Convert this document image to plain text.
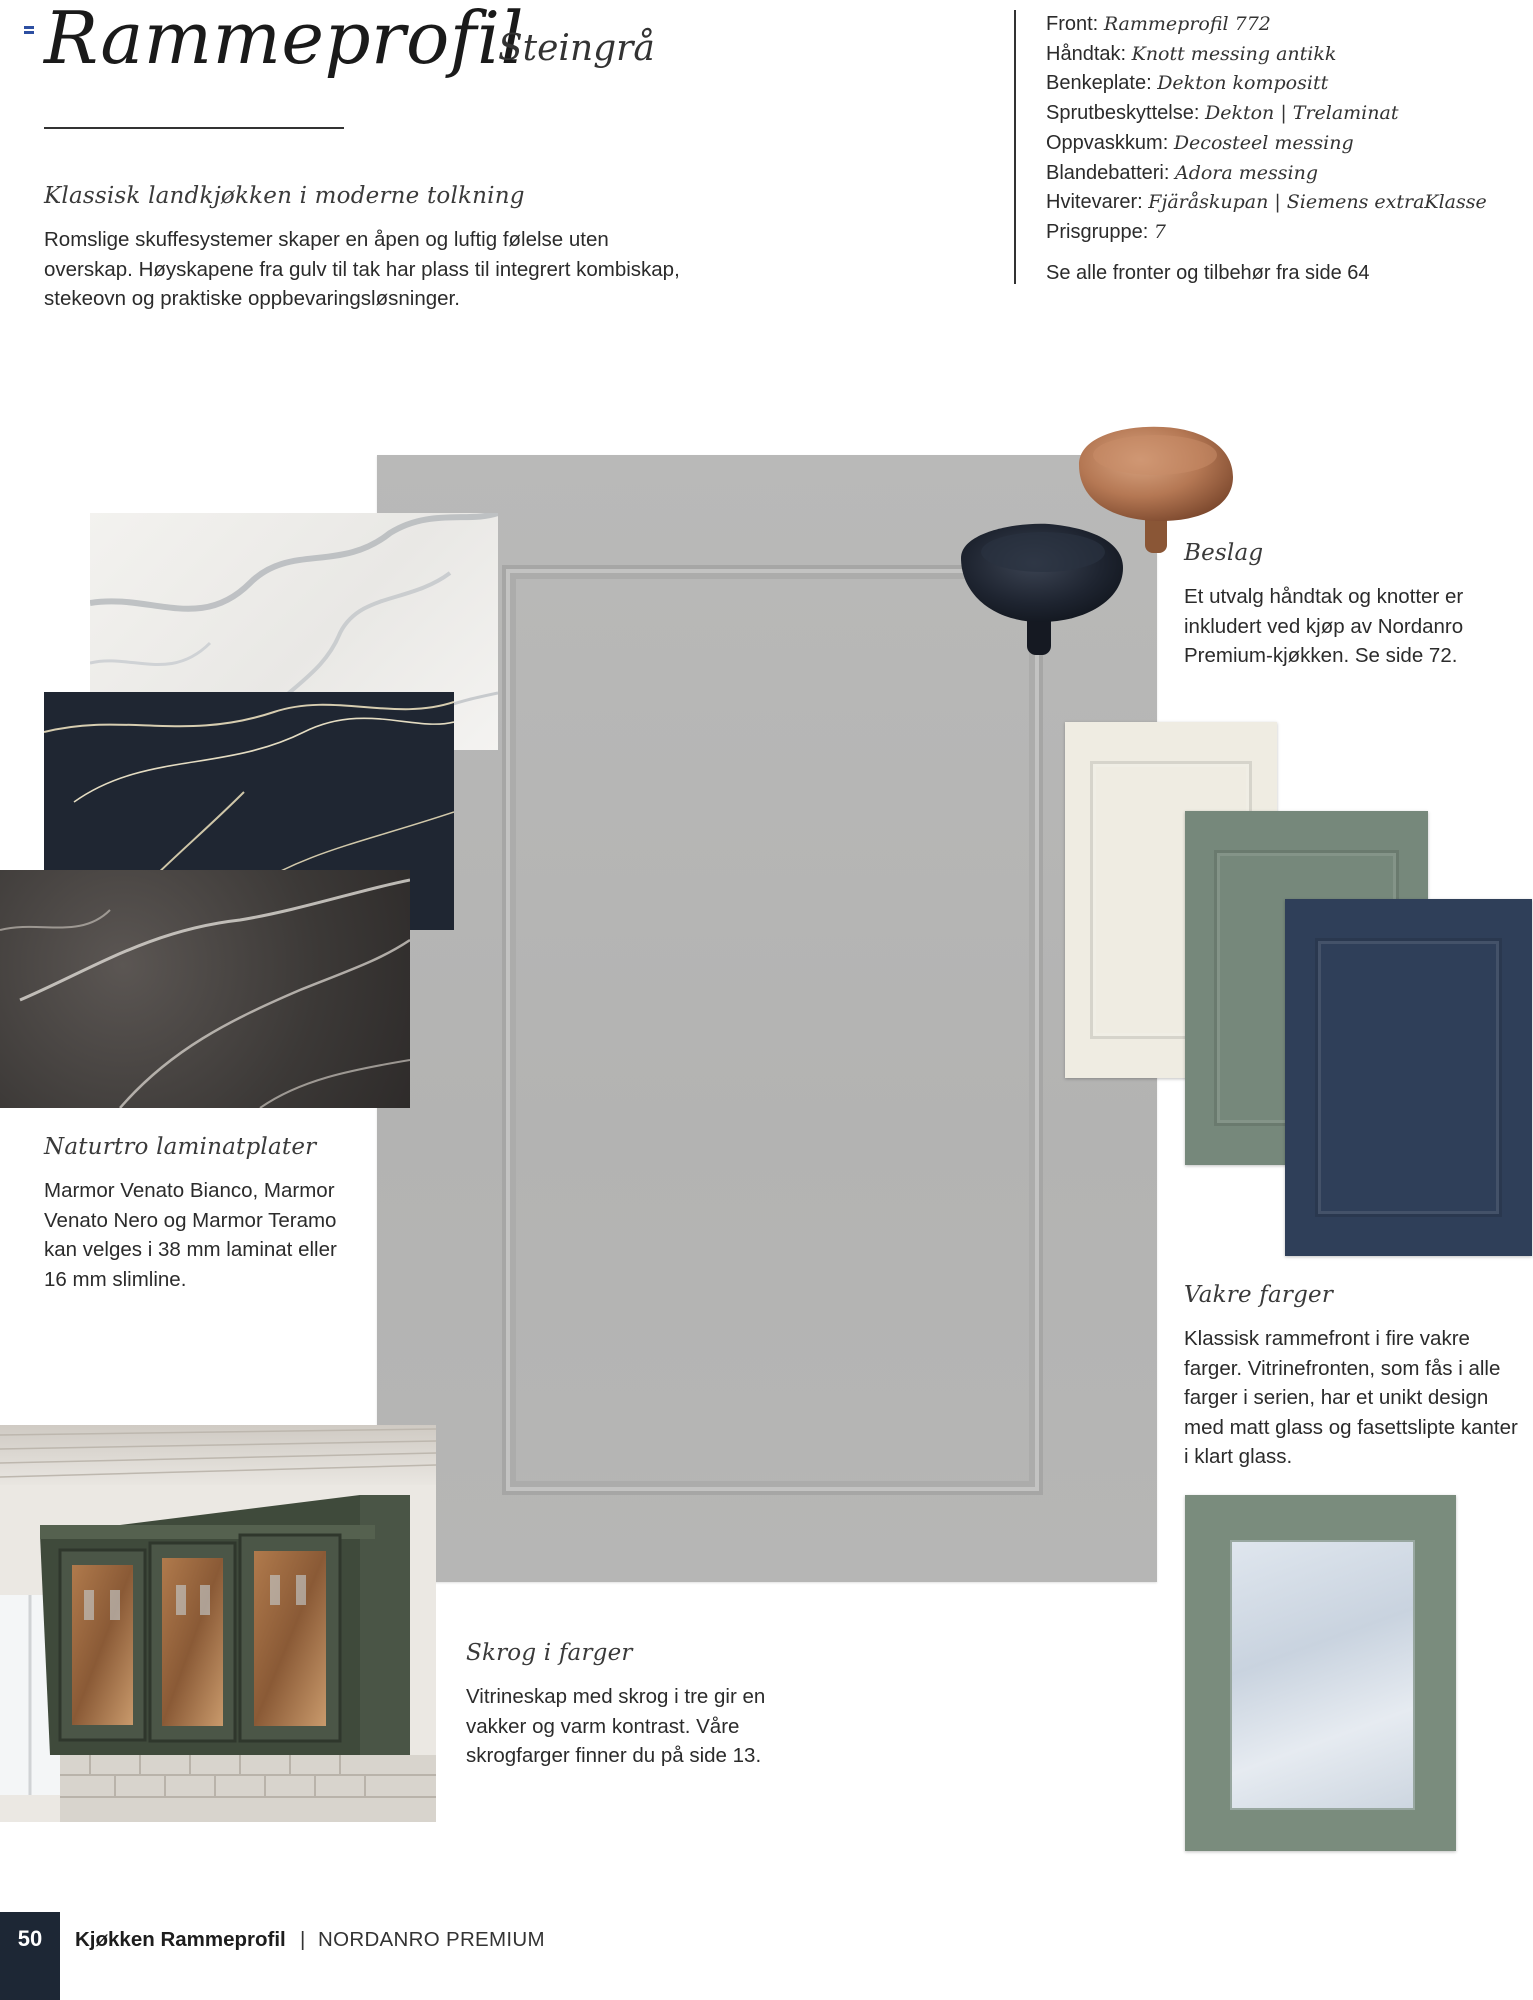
Rammeprofil
Steingrå
Klassisk landkjøkken i moderne tolkning
Romslige skuffesystemer skaper en åpen og luftig følelse uten overskap. Høyskapene fra gulv til tak har plass til integrert kombiskap, stekeovn og praktiske oppbevaringsløsninger.
Front: Rammeprofil 772
Håndtak: Knott messing antikk
Benkeplate: Dekton kompositt
Sprutbeskyttelse: Dekton | Trelaminat
Oppvaskkum: Decosteel messing
Blandebatteri: Adora messing
Hvitevarer: Fjäråskupan | Siemens extraKlasse
Prisgruppe: 7
Se alle fronter og tilbehør fra side 64
Naturtro laminatplater
Marmor Venato Bianco, Marmor Venato Nero og Marmor Teramo kan velges i 38 mm laminat eller 16 mm slimline.
Beslag
Et utvalg håndtak og knotter er inkludert ved kjøp av Nordanro Premium-kjøkken. Se side 72.
Vakre farger
Klassisk rammefront i fire vakre farger. Vitrinefronten, som fås i alle farger i serien, har et unikt design med matt glass og fasettslipte kanter i klart glass.
Skrog i farger
Vitrineskap med skrog i tre gir en vakker og varm kontrast. Våre skrogfarger finner du på side 13.
50	Kjøkken Rammeprofil | NORDANRO PREMIUM
